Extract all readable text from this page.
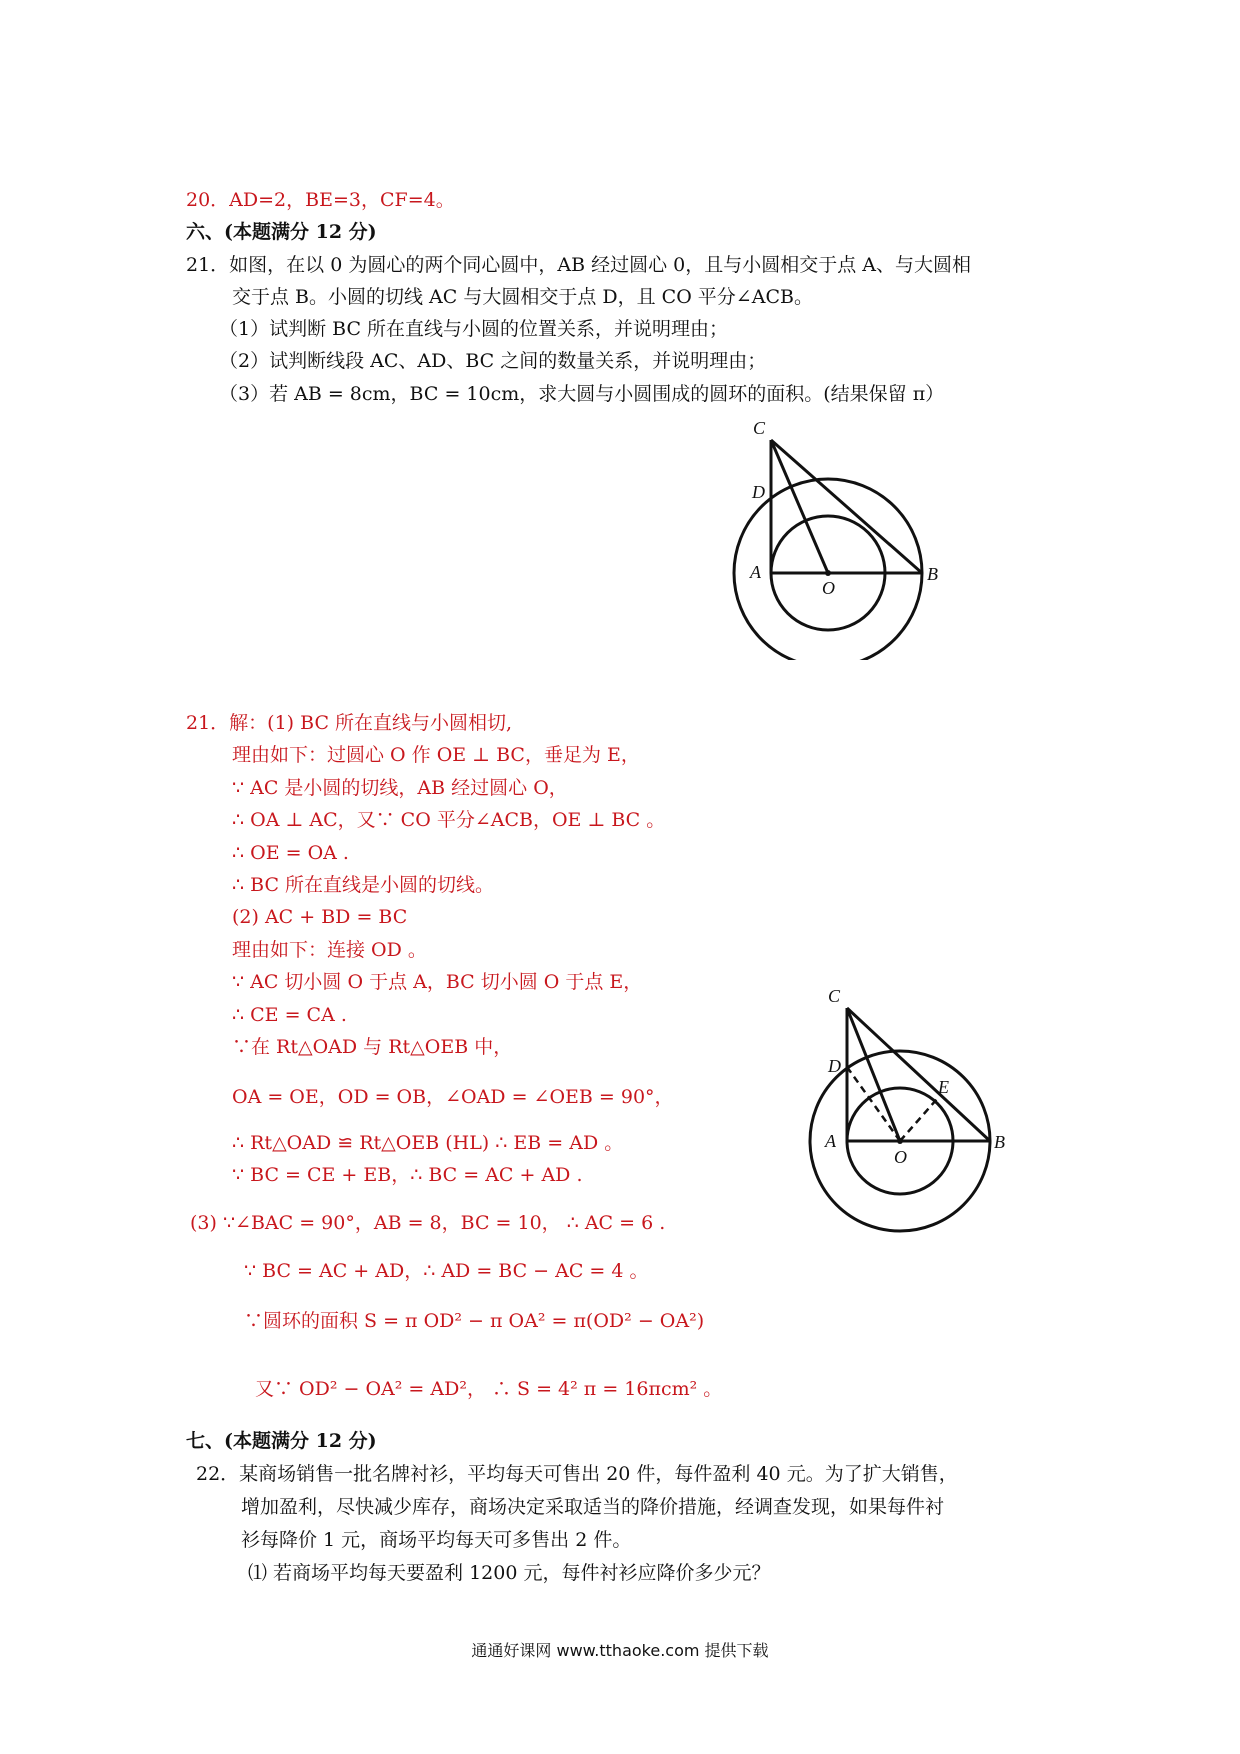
20．AD=2，BE=3，CF=4。
六、(本题满分 12 分)
21．如图，在以 0 为圆心的两个同心圆中，AB 经过圆心 0，且与小圆相交于点 A、与大圆相
交于点 B。小圆的切线 AC 与大圆相交于点 D，且 CO 平分∠ACB。
（1）试判断 BC 所在直线与小圆的位置关系，并说明理由；
（2）试判断线段 AC、AD、BC 之间的数量关系，并说明理由；
（3）若 AB = 8cm，BC = 10cm，求大圆与小圆围成的圆环的面积。(结果保留 π）
C
D
A
O
B
21．解：(1) BC 所在直线与小圆相切,
理由如下：过圆心 O 作 OE ⊥ BC，垂足为 E，
∵ AC 是小圆的切线，AB 经过圆心 O，
∴ OA ⊥ AC，又∵ CO 平分∠ACB，OE ⊥ BC 。
∴ OE = OA .
∴ BC 所在直线是小圆的切线。
(2) AC + BD = BC
理由如下：连接 OD 。
∵ AC 切小圆 O 于点 A，BC 切小圆 O 于点 E，
∴ CE = CA .
∵在 Rt△OAD 与 Rt△OEB 中，
OA = OE，OD = OB，∠OAD = ∠OEB = 90°，
∴ Rt△OAD ≌ Rt△OEB (HL) ∴ EB = AD 。
∵ BC = CE + EB，∴ BC = AC + AD .
(3) ∵∠BAC = 90°，AB = 8，BC = 10， ∴ AC = 6 .
∵ BC = AC + AD，∴ AD = BC − AC = 4 。
∵圆环的面积 S = π OD² − π OA² = π(OD² − OA²)
又∵ OD² − OA² = AD²， ∴ S = 4² π = 16πcm² 。
C
D
E
A
O
B
七、(本题满分 12 分)
22．某商场销售一批名牌衬衫，平均每天可售出 20 件，每件盈利 40 元。为了扩大销售，
增加盈利，尽快减少库存，商场决定采取适当的降价措施，经调查发现，如果每件衬
衫每降价 1 元，商场平均每天可多售出 2 件。
⑴ 若商场平均每天要盈利 1200 元，每件衬衫应降价多少元？
通通好课网 www.tthaoke.com 提供下载
